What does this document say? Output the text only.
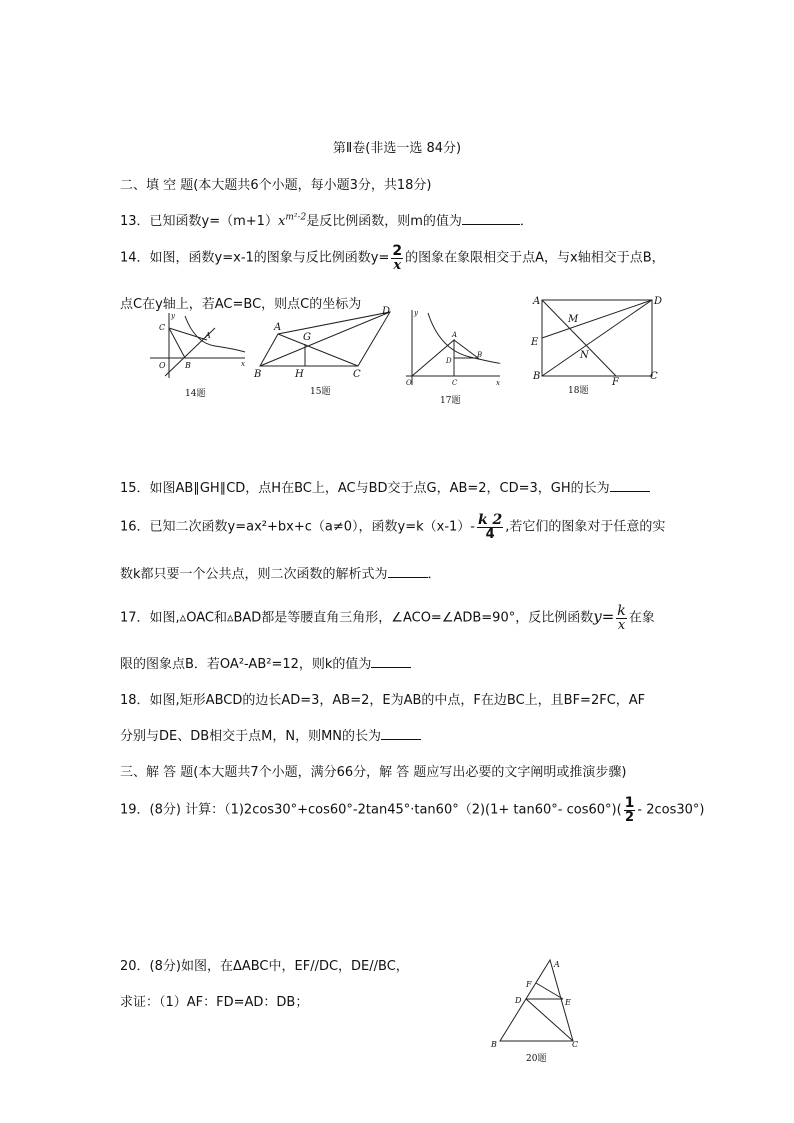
第Ⅱ卷(非选一选 84分)
二、填 空 题(本大题共6个小题，每小题3分，共18分)
13．已知函数$y=(m+1)x^{m^2-2}$是反比例函数，则m的值为	．
14．如图，函数y=x-1的图象与反比例函数$y= \frac{2}{x}$ 的图象在象限相交于点A，与x轴相交于点B，
点C在y轴上，若AC=BC，则点C的坐标为
C
A
O B
y
x
14题
A
G
D
B	H	C
15题
y
A
D
B
O	C	x
17题
A	D
M
E
N
B
F
C
18题
15．如图AB∥GH∥CD，点H在BC上，AC与BD交于点G，AB=2，CD=3，GH的长为
16．已知二次函数y=ax²+bx+c（a≠0），函数$y=k(x-1)- \frac{k 2}{4}$ ,若它们的图象对于任意的实
数k都只要一个公共点，则二次函数的解析式为	．
17．如图,▵OAC和▵BAD都是等腰直角三角形，∠ACO=∠ADB=90°，反比例函数$y= \frac{k}{x}$ 在象
限的图象点B．若OA²-AB²=12，则k的值为
18．如图,矩形ABCD的边长AD=3，AB=2，E为AB的中点，F在边BC上，且BF=2FC，AF
分别与DE、DB相交于点M，N，则MN的长为
三、解 答 题(本大题共7个小题，满分66分，解 答 题应写出必要的文字阐明或推演步骤)
19．(8分) 计算：（1)2cos30°+cos60°-2tan45°·tan60°（2)(1+ tan60°- $\cos 60^\circ)( \frac{1}{2} - 2\cos 30^\circ)$
20．(8分)如图，在ΔABC中，EF//DC，DE//BC，
求证：（1）AF：FD=AD：DB；
A
F
D	E
B	C
20题
